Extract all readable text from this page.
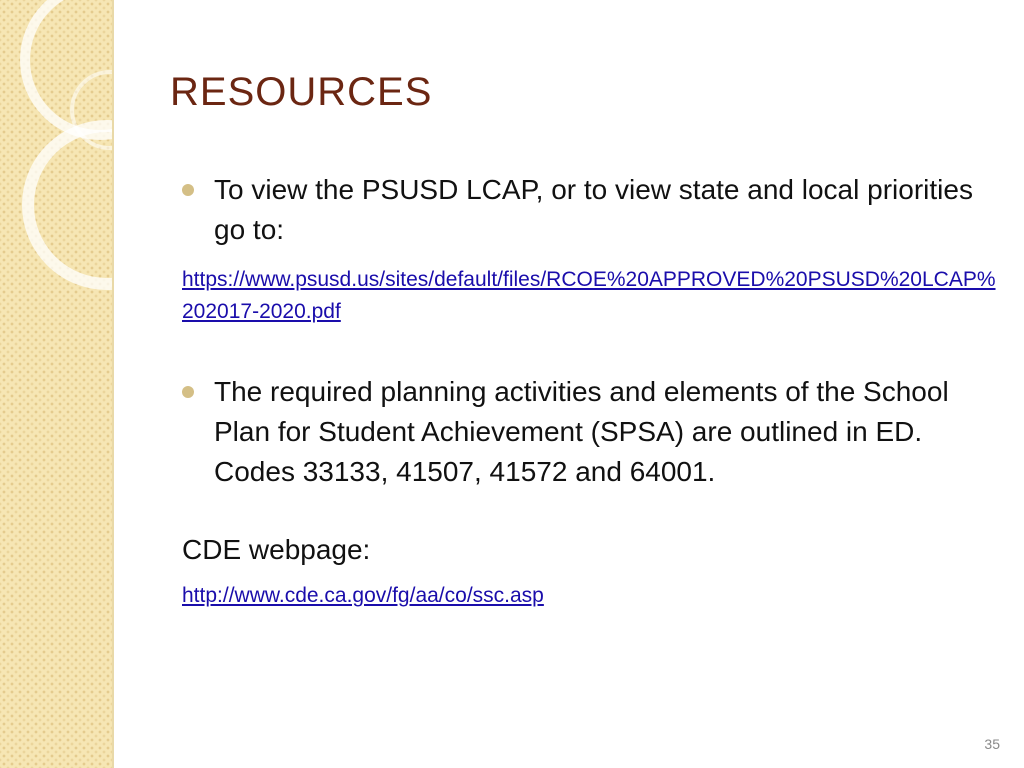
RESOURCES
To view the PSUSD LCAP, or to view state and local priorities go to:
https://www.psusd.us/sites/default/files/RCOE%20APPROVED%20PSUSD%20LCAP%202017-2020.pdf
The required planning activities and elements of the School Plan for Student Achievement (SPSA) are outlined in ED. Codes 33133, 41507, 41572 and 64001.
CDE webpage:
http://www.cde.ca.gov/fg/aa/co/ssc.asp
35
